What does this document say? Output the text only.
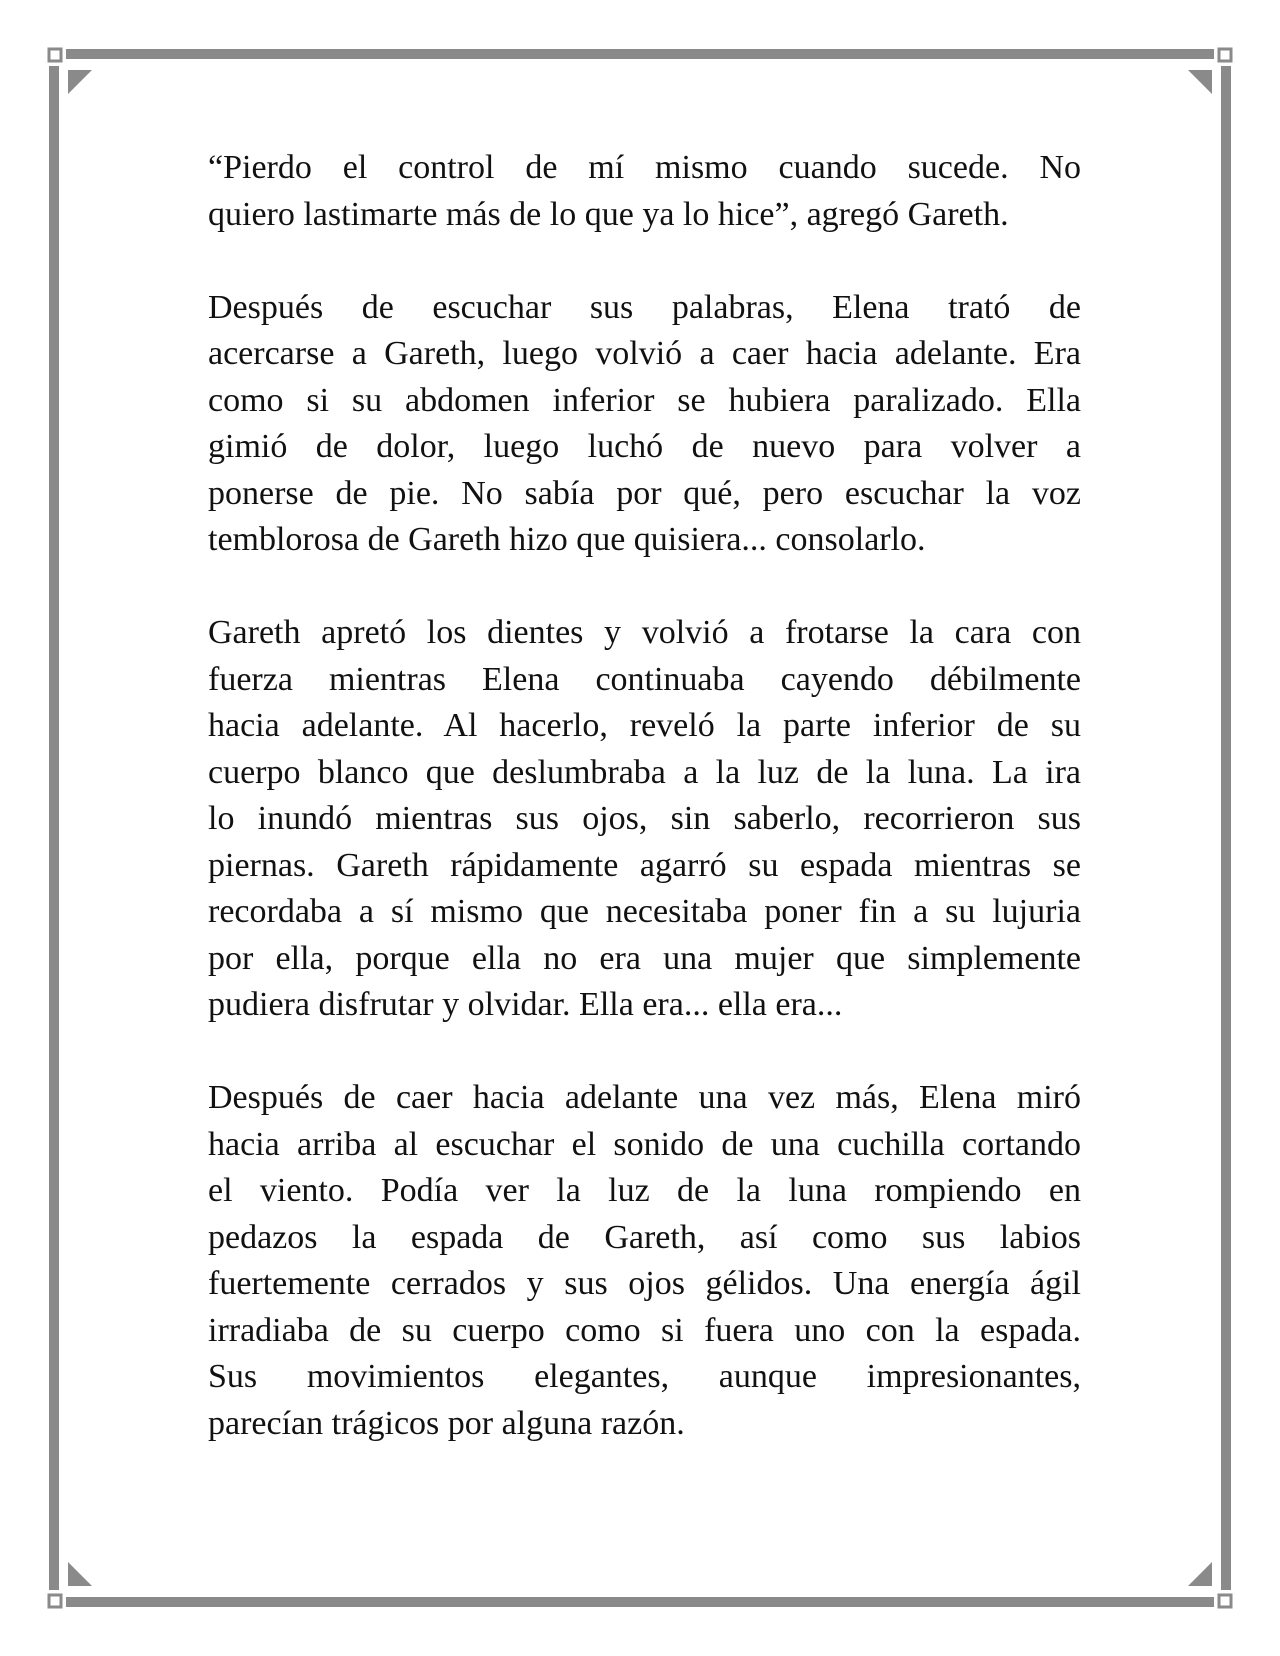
“Pierdo el control de mí mismo cuando sucede. No
quiero lastimarte más de lo que ya lo hice”, agregó Gareth.
Después de escuchar sus palabras, Elena trató de
acercarse a Gareth, luego volvió a caer hacia adelante. Era
como si su abdomen inferior se hubiera paralizado. Ella
gimió de dolor, luego luchó de nuevo para volver a
ponerse de pie. No sabía por qué, pero escuchar la voz
temblorosa de Gareth hizo que quisiera... consolarlo.
Gareth apretó los dientes y volvió a frotarse la cara con
fuerza mientras Elena continuaba cayendo débilmente
hacia adelante. Al hacerlo, reveló la parte inferior de su
cuerpo blanco que deslumbraba a la luz de la luna. La ira
lo inundó mientras sus ojos, sin saberlo, recorrieron sus
piernas. Gareth rápidamente agarró su espada mientras se
recordaba a sí mismo que necesitaba poner fin a su lujuria
por ella, porque ella no era una mujer que simplemente
pudiera disfrutar y olvidar. Ella era... ella era...
Después de caer hacia adelante una vez más, Elena miró
hacia arriba al escuchar el sonido de una cuchilla cortando
el viento. Podía ver la luz de la luna rompiendo en
pedazos la espada de Gareth, así como sus labios
fuertemente cerrados y sus ojos gélidos. Una energía ágil
irradiaba de su cuerpo como si fuera uno con la espada.
Sus movimientos elegantes, aunque impresionantes,
parecían trágicos por alguna razón.
